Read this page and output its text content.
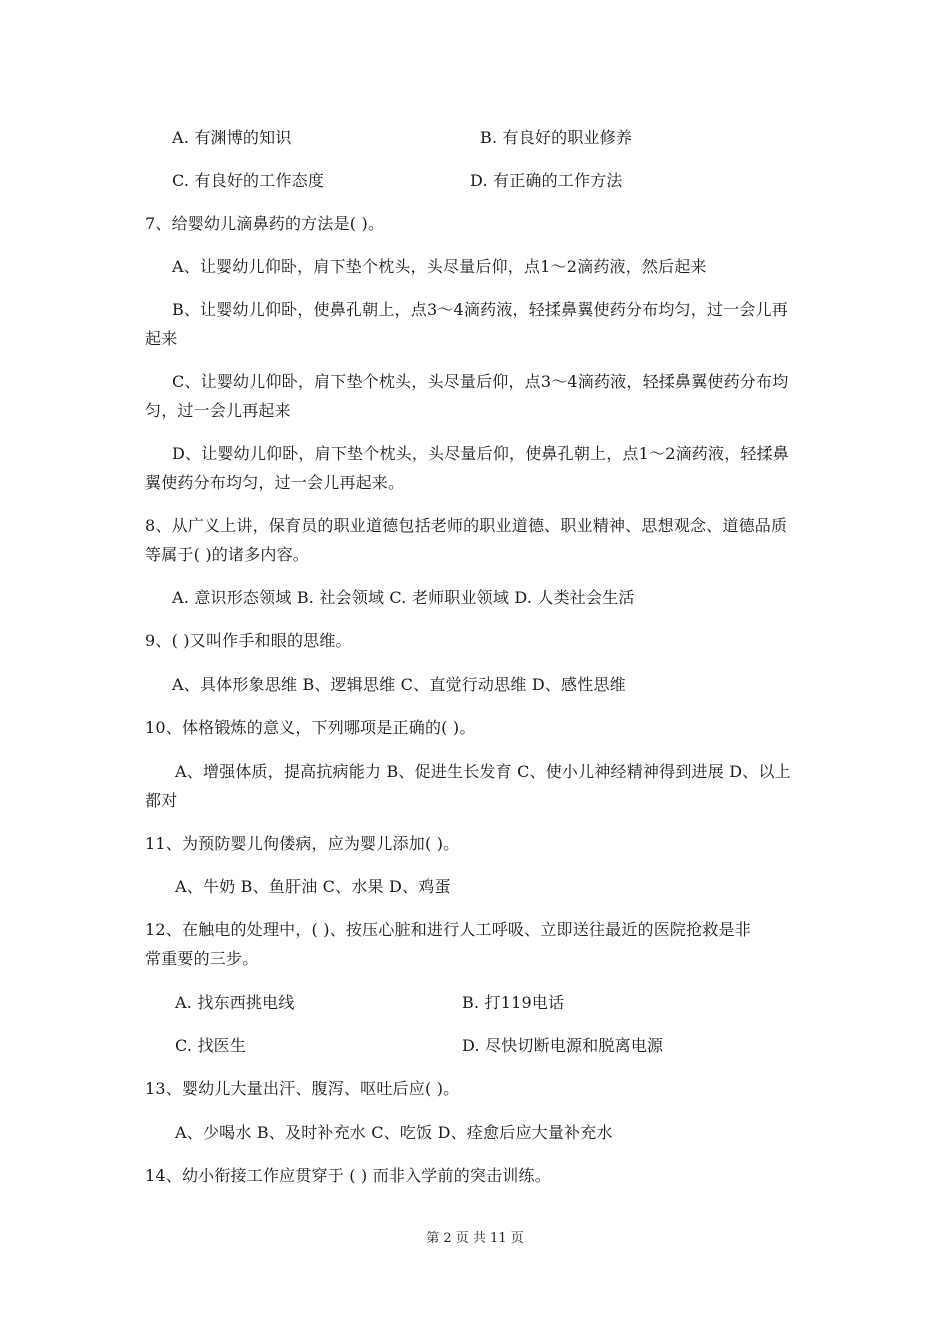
A. 有渊博的知识	B. 有良好的职业修养
C. 有良好的工作态度	D. 有正确的工作方法
7、给婴幼儿滴鼻药的方法是( )。
A、让婴幼儿仰卧，肩下垫个枕头，头尽量后仰，点1～2滴药液，然后起来
B、让婴幼儿仰卧，使鼻孔朝上，点3～4滴药液，轻揉鼻翼使药分布均匀，过一会儿再
起来
C、让婴幼儿仰卧，肩下垫个枕头，头尽量后仰，点3～4滴药液，轻揉鼻翼使药分布均
匀，过一会儿再起来
D、让婴幼儿仰卧，肩下垫个枕头，头尽量后仰，使鼻孔朝上，点1～2滴药液，轻揉鼻
翼使药分布均匀，过一会儿再起来。
8、从广义上讲，保育员的职业道德包括老师的职业道德、职业精神、思想观念、道德品质
等属于( )的诸多内容。
A. 意识形态领域 B. 社会领域 C. 老师职业领域 D. 人类社会生活
9、( )又叫作手和眼的思维。
A、具体形象思维 B、逻辑思维 C、直觉行动思维 D、感性思维
10、体格锻炼的意义，下列哪项是正确的( )。
A、增强体质，提高抗病能力 B、促进生长发育 C、使小儿神经精神得到进展 D、以上
都对
11、为预防婴儿佝偻病，应为婴儿添加( )。
A、牛奶 B、鱼肝油 C、水果 D、鸡蛋
12、在触电的处理中，( )、按压心脏和进行人工呼吸、立即送往最近的医院抢救是非
常重要的三步。
A. 找东西挑电线	B. 打119电话
C. 找医生	D. 尽快切断电源和脱离电源
13、婴幼儿大量出汗、腹泻、呕吐后应( )。
A、少喝水 B、及时补充水 C、吃饭 D、痊愈后应大量补充水
14、幼小衔接工作应贯穿于 ( ) 而非入学前的突击训练。
第 2 页 共 11 页
